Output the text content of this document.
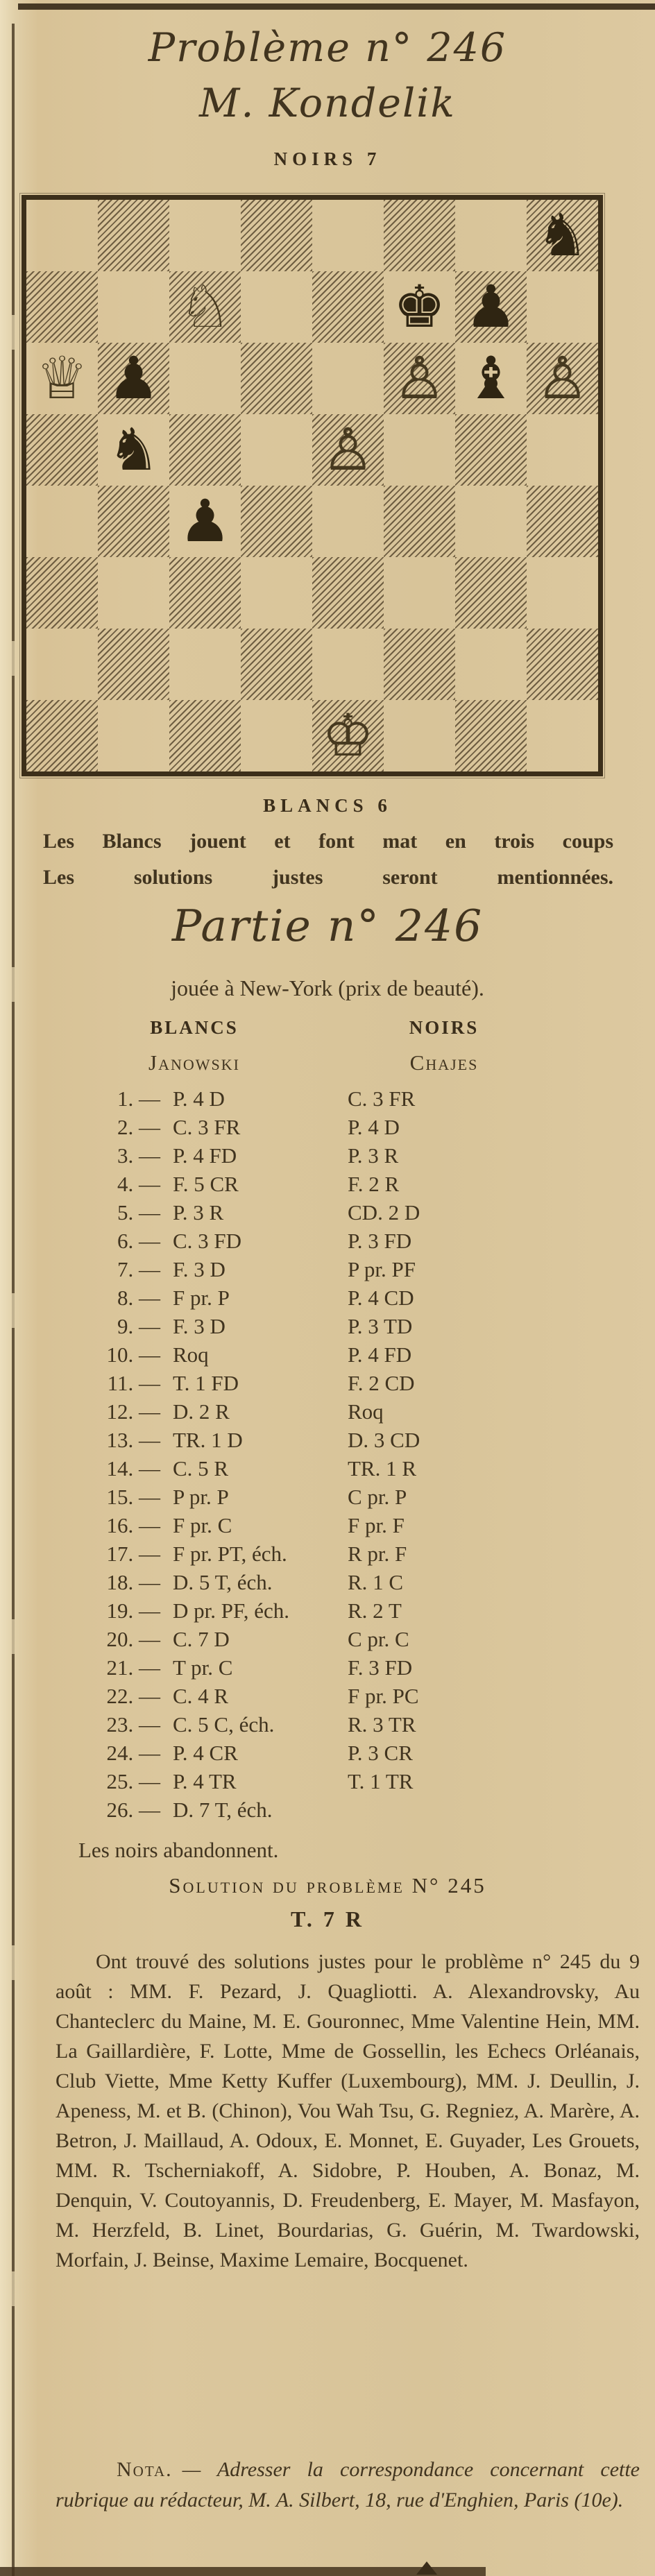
Problème n° 246
M. Kondelik
NOIRS 7
♞
♘	♚ ♟
♕ ♟	♙ ♝ ♙
♞	♙
♟
♔
BLANCS 6
Les Blancs jouent et font mat en trois coups
Les solutions justes seront mentionnées.
Partie n° 246
jouée à New-York (prix de beauté).
BLANCS	NOIRS
Janowski	Chajes
1. — P. 4 D	C. 3 FR
2. — C. 3 FR	P. 4 D
3. — P. 4 FD	P. 3 R
4. — F. 5 CR	F. 2 R
5. — P. 3 R	CD. 2 D
6. — C. 3 FD	P. 3 FD
7. — F. 3 D	P pr. PF
8. — F pr. P	P. 4 CD
9. — F. 3 D	P. 3 TD
10. — Roq	P. 4 FD
11. — T. 1 FD	F. 2 CD
12. — D. 2 R	Roq
13. — TR. 1 D	D. 3 CD
14. — C. 5 R	TR. 1 R
15. — P pr. P	C pr. P
16. — F pr. C	F pr. F
17. — F pr. PT, éch.	R pr. F
18. — D. 5 T, éch.	R. 1 C
19. — D pr. PF, éch.	R. 2 T
20. — C. 7 D	C pr. C
21. — T pr. C	F. 3 FD
22. — C. 4 R	F pr. PC
23. — C. 5 C, éch.	R. 3 TR
24. — P. 4 CR	P. 3 CR
25. — P. 4 TR	T. 1 TR
26. — D. 7 T, éch.
Les noirs abandonnent.
Solution du problème N° 245
T. 7 R
Ont trouvé des solutions justes pour le problème n° 245 du 9 août : MM. F. Pezard, J. Quagliotti. A. Alexandrovsky, Au Chanteclerc du Maine, M. E. Gouronnec, Mme Valentine Hein, MM. La Gaillardière, F. Lotte, Mme de Gossellin, les Echecs Orléanais, Club Viette, Mme Ketty Kuffer (Luxembourg), MM. J. Deullin, J. Apeness, M. et B. (Chinon), Vou Wah Tsu, G. Regniez, A. Marère, A. Betron, J. Maillaud, A. Odoux, E. Monnet, E. Guyader, Les Grouets, MM. R. Tscherniakoff, A. Sidobre, P. Houben, A. Bonaz, M. Denquin, V. Coutoyannis, D. Freudenberg, E. Mayer, M. Masfayon, M. Herzfeld, B. Linet, Bourdarias, G. Guérin, M. Twardowski, Morfain, J. Beinse, Maxime Lemaire, Bocquenet.
Nota. — Adresser la correspondance concernant cette rubrique au rédacteur, M. A. Silbert, 18, rue d'Enghien, Paris (10e).
